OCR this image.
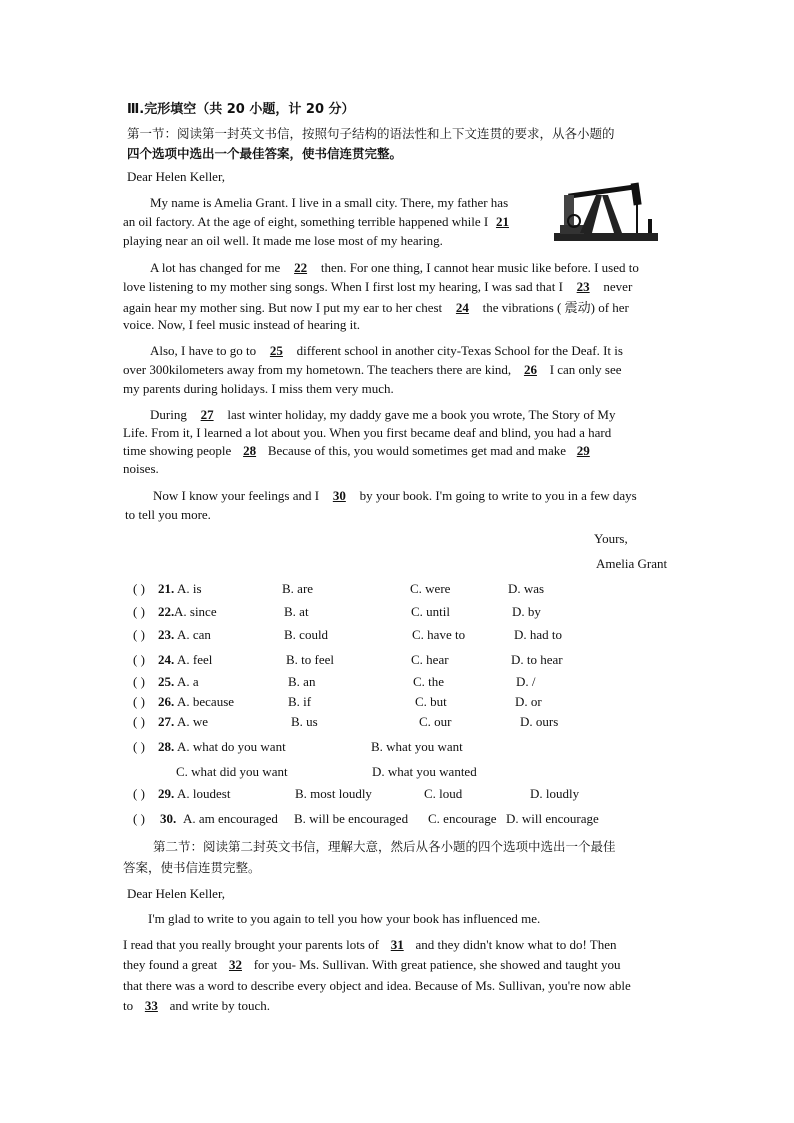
Ⅲ.完形填空（共 20 小题，计 20 分）
第一节：阅读第一封英文书信，按照句子结构的语法性和上下文连贯的要求，从各小题的
四个选项中选出一个最佳答案，使书信连贯完整。
Dear Helen Keller,
My name is Amelia Grant. I live in a small city. There, my father has
an oil factory. At the age of eight, something terrible happened while I 21
playing near an oil well. It made me lose most of my hearing.
A lot has changed for me 22 then. For one thing, I cannot hear music like before. I used to
love listening to my mother sing songs. When I first lost my hearing, I was sad that I 23 never
again hear my mother sing. But now I put my ear to her chest 24 the vibrations ( 震动) of her
voice. Now, I feel music instead of hearing it.
Also, I have to go to 25 different school in another city-Texas School for the Deaf. It is
over 300kilometers away from my hometown. The teachers there are kind, 26 I can only see
my parents during holidays. I miss them very much.
During 27 last winter holiday, my daddy gave me a book you wrote, The Story of My
Life. From it, I learned a lot about you. When you first became deaf and blind, you had a hard
time showing people 28 Because of this, you would sometimes get mad and make 29
noises.
Now I know your feelings and I 30 by your book. I'm going to write to you in a few days
to tell you more.
Yours,
Amelia Grant
( ) 21. A. is	B. are	C. were	D. was
( ) 22. A. since	B. at	C. until	D. by
( ) 23. A. can	B. could	C. have to	D. had to
( ) 24. A. feel	B. to feel	C. hear	D. to hear
( ) 25. A. a	B. an	C. the	D. /
( ) 26. A. because	B. if	C. but	D. or
( ) 27. A. we	B. us	C. our	D. ours
( ) 28. A. what do you want	B. what you want
C. what did you want	D. what you wanted
( ) 29. A. loudest	B. most loudly	C. loud	D. loudly
( ) 30. A. am encouraged B. will be encouraged C. encourage D. will encourage
第二节：阅读第二封英文书信，理解大意，然后从各小题的四个选项中选出一个最佳
答案，使书信连贯完整。
Dear Helen Keller,
I'm glad to write to you again to tell you how your book has influenced me.
I read that you really brought your parents lots of 31 and they didn't know what to do! Then
they found a great 32 for you- Ms. Sullivan. With great patience, she showed and taught you
that there was a word to describe every object and idea. Because of Ms. Sullivan, you're now able
to 33 and write by touch.
